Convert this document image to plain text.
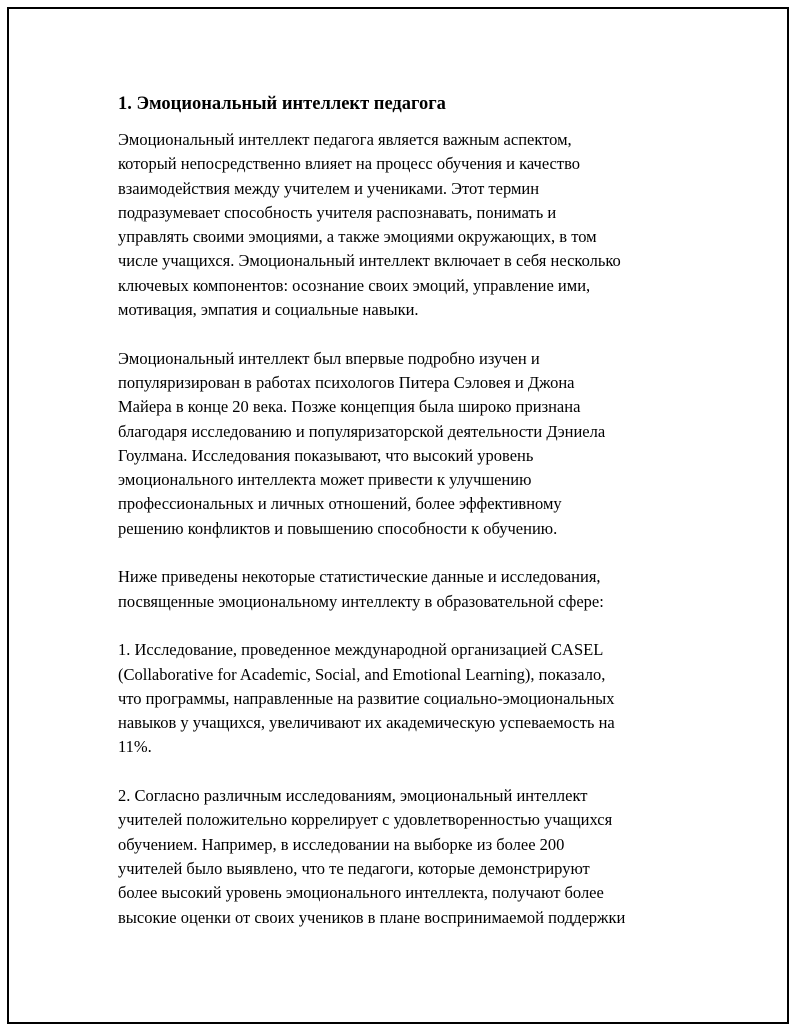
1. Эмоциональный интеллект педагога

Эмоциональный интеллект педагога является важным аспектом,
который непосредственно влияет на процесс обучения и качество
взаимодействия между учителем и учениками. Этот термин
подразумевает способность учителя распознавать, понимать и
управлять своими эмоциями, а также эмоциями окружающих, в том
числе учащихся. Эмоциональный интеллект включает в себя несколько
ключевых компонентов: осознание своих эмоций, управление ими,
мотивация, эмпатия и социальные навыки.

Эмоциональный интеллект был впервые подробно изучен и
популяризирован в работах психологов Питера Сэловея и Джона
Майера в конце 20 века. Позже концепция была широко признана
благодаря исследованию и популяризаторской деятельности Дэниела
Гоулмана. Исследования показывают, что высокий уровень
эмоционального интеллекта может привести к улучшению
профессиональных и личных отношений, более эффективному
решению конфликтов и повышению способности к обучению.

Ниже приведены некоторые статистические данные и исследования,
посвященные эмоциональному интеллекту в образовательной сфере:

1. Исследование, проведенное международной организацией CASEL
(Collaborative for Academic, Social, and Emotional Learning), показало,
что программы, направленные на развитие социально-эмоциональных
навыков у учащихся, увеличивают их академическую успеваемость на
11%.

2. Согласно различным исследованиям, эмоциональный интеллект
учителей положительно коррелирует с удовлетворенностью учащихся
обучением. Например, в исследовании на выборке из более 200
учителей было выявлено, что те педагоги, которые демонстрируют
более высокий уровень эмоционального интеллекта, получают более
высокие оценки от своих учеников в плане воспринимаемой поддержки
